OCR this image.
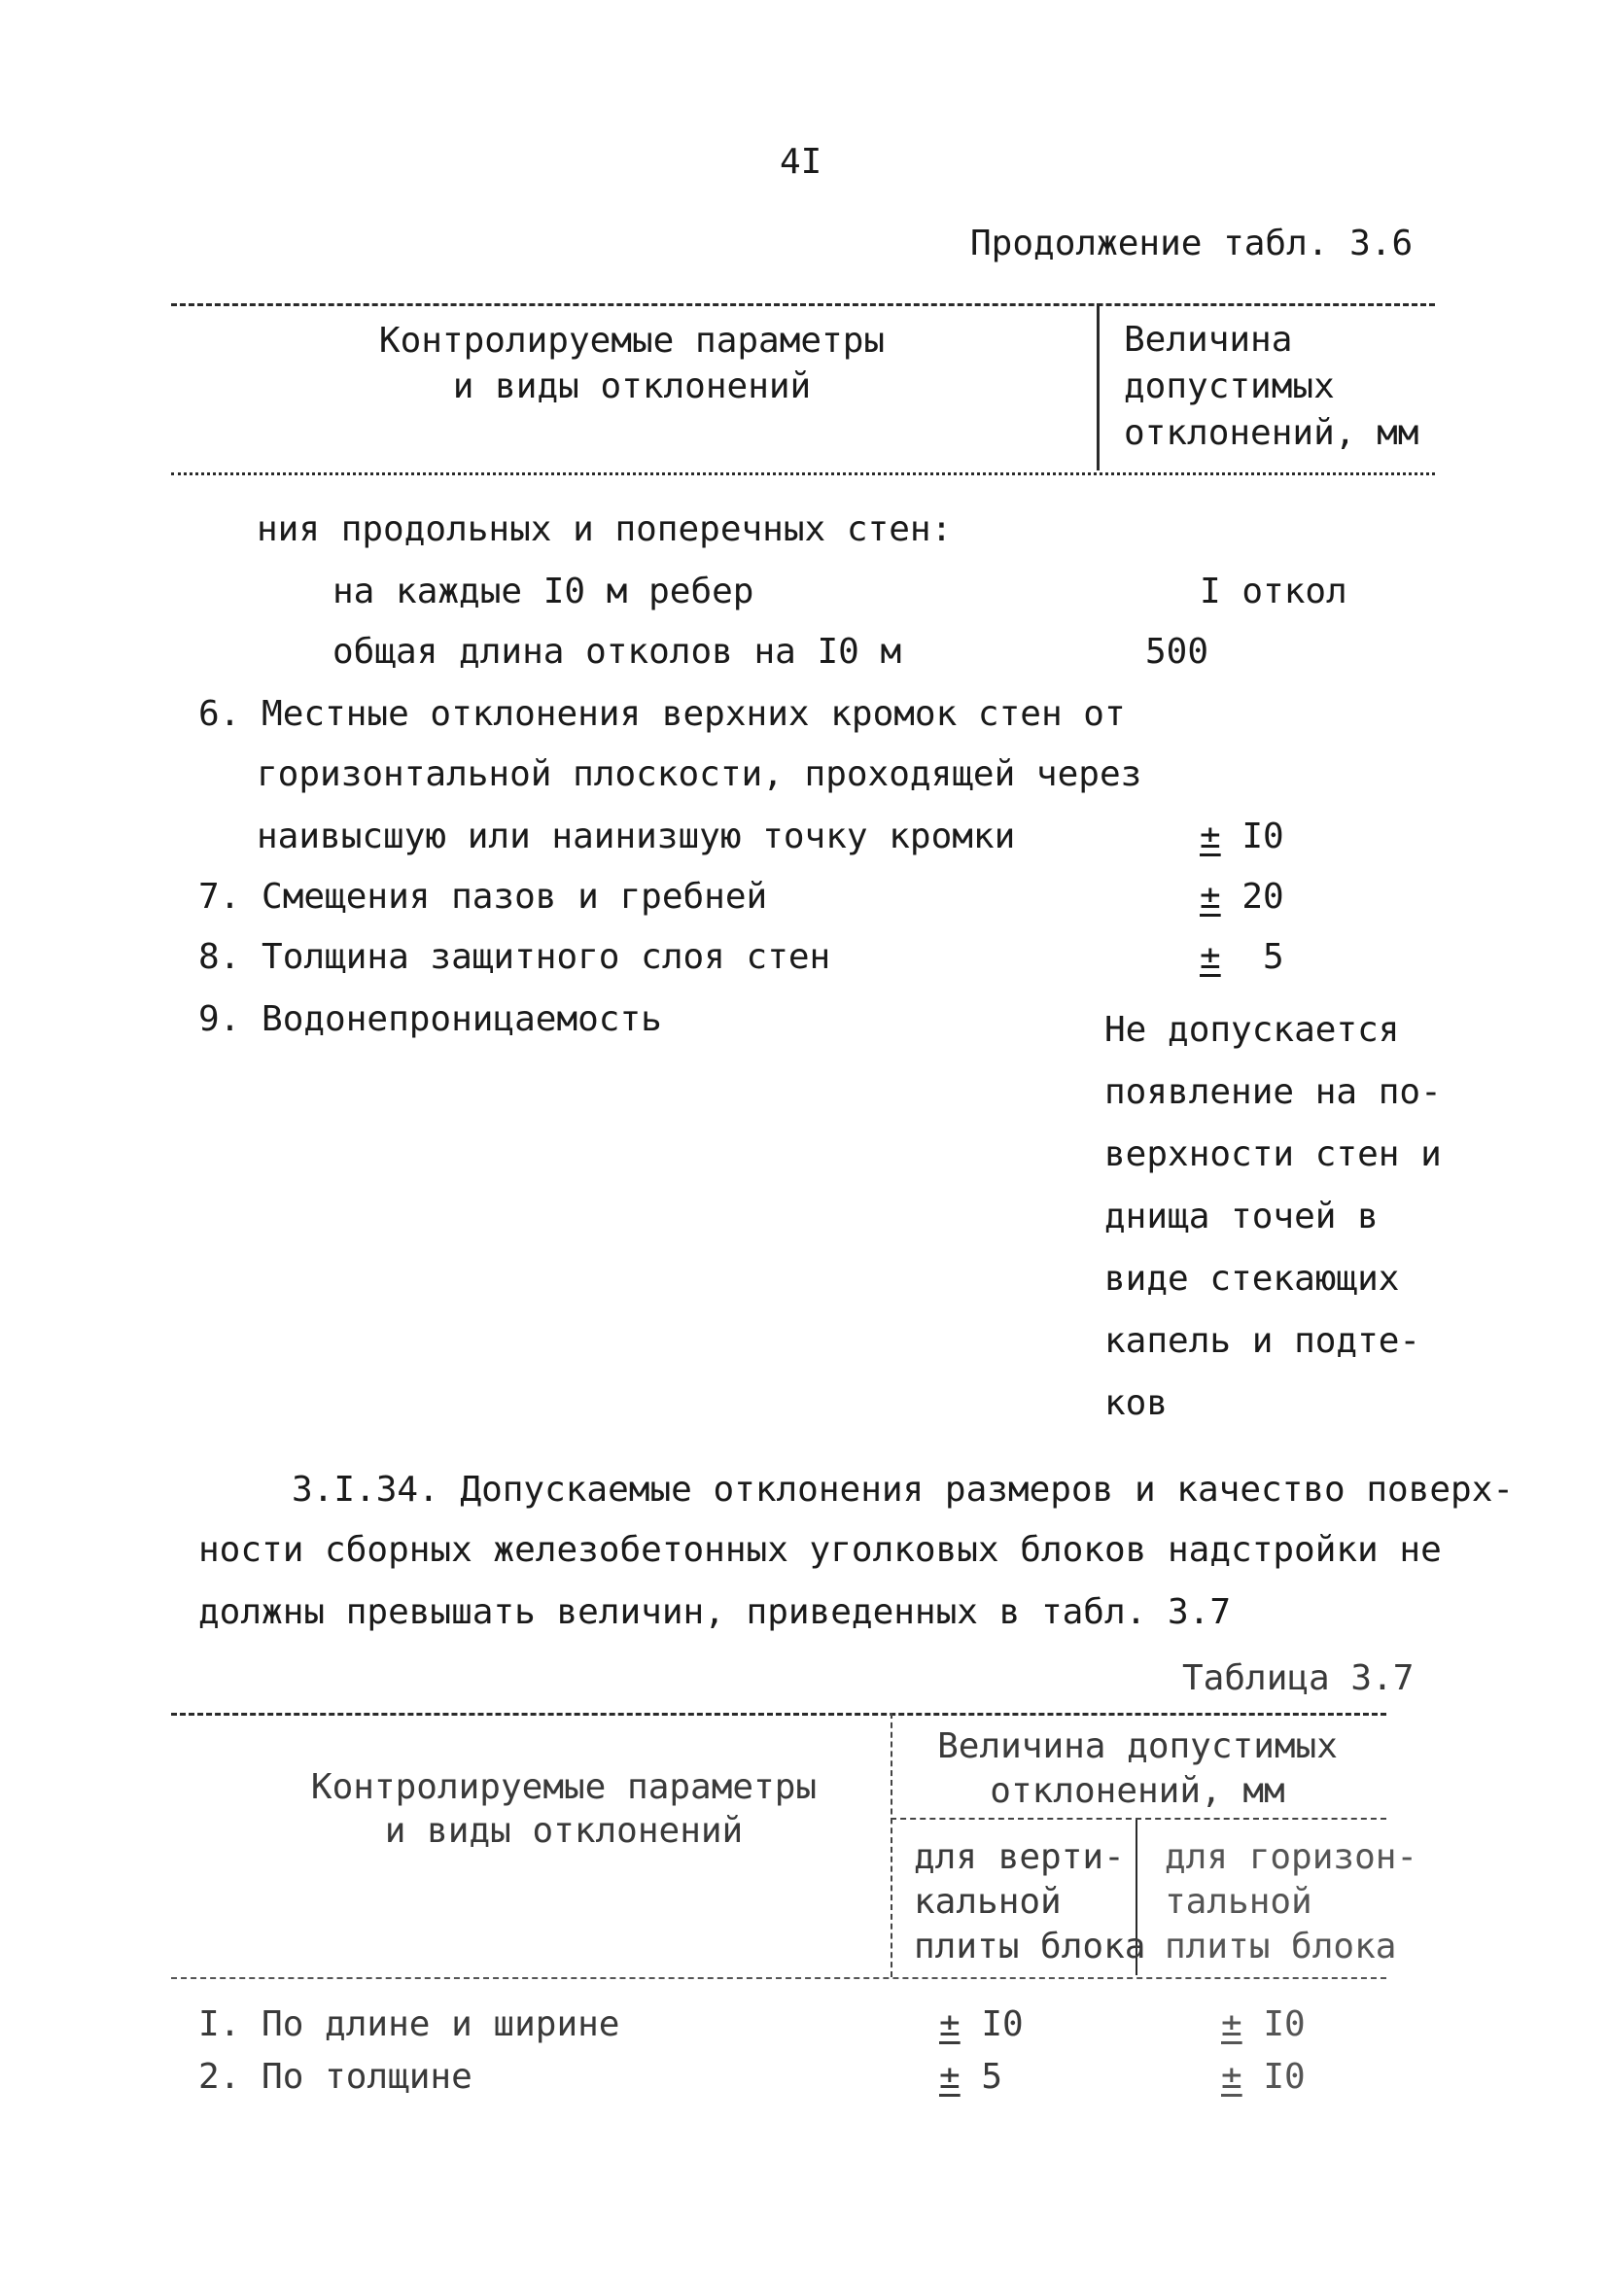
4I
Продолжение табл. 3.6
Контролируемые параметры
и виды отклонений
Величина
допустимых
отклонений, мм
ния продольных и поперечных стен:
на каждые I0 м ребер	I откол
общая длина отколов на I0 м	500
6. Местные отклонения верхних кромок стен от
горизонтальной плоскости, проходящей через
наивысшую или наинизшую точку кромки	± I0
7. Смещения пазов и гребней	± 20
8. Толщина защитного слоя стен	± 5
9. Водонепроницаемость	Не допускается
появление на по-
верхности стен и
днища точей в
виде стекающих
капель и подте-
ков
3.I.34. Допускаемые отклонения размеров и качество поверх-
ности сборных железобетонных уголковых блоков надстройки не
должны превышать величин, приведенных в табл. 3.7
Таблица 3.7
Контролируемые параметры
и виды отклонений
Величина допустимых
отклонений, мм
для верти-
кальной
плиты блока
для горизон-
тальной
плиты блока
I. По длине и ширине	± I0	± I0
2. По толщине	± 5	± I0
